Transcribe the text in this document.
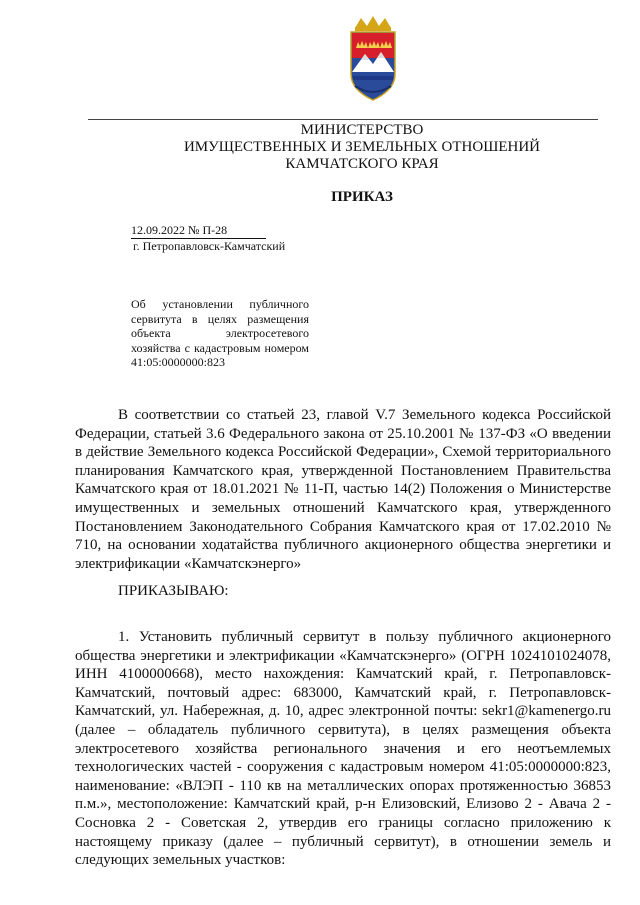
МИНИСТЕРСТВО
ИМУЩЕСТВЕННЫХ И ЗЕМЕЛЬНЫХ ОТНОШЕНИЙ
КАМЧАТСКОГО КРАЯ
ПРИКАЗ
12.09.2022 № П-28
г. Петропавловск-Камчатский
Об установлении публичного сервитута в целях размещения объекта электросетевого хозяйства с кадастровым номером 41:05:0000000:823
В соответствии со статьей 23, главой V.7 Земельного кодекса Российской Федерации, статьей 3.6 Федерального закона от 25.10.2001 № 137-ФЗ «О введении в действие Земельного кодекса Российской Федерации», Схемой территориального планирования Камчатского края, утвержденной Постановлением Правительства Камчатского края от 18.01.2021 № 11-П, частью 14(2) Положения о Министерстве имущественных и земельных отношений Камчатского края, утвержденного Постановлением Законодательного Собрания Камчатского края от 17.02.2010 № 710, на основании ходатайства публичного акционерного общества энергетики и электрификации «Камчатскэнерго»
ПРИКАЗЫВАЮ:
1. Установить публичный сервитут в пользу публичного акционерного общества энергетики и электрификации «Камчатскэнерго» (ОГРН 1024101024078, ИНН 4100000668), место нахождения: Камчатский край, г. Петропавловск-Камчатский, почтовый адрес: 683000, Камчатский край, г. Петропавловск-Камчатский, ул. Набережная, д. 10, адрес электронной почты: sekr1@kamenergo.ru (далее – обладатель публичного сервитута), в целях размещения объекта электросетевого хозяйства регионального значения и его неотъемлемых технологических частей - сооружения с кадастровым номером 41:05:0000000:823, наименование: «ВЛЭП - 110 кв на металлических опорах протяженностью 36853 п.м.», местоположение: Камчатский край, р-н Елизовский, Елизово 2 - Авача 2 - Сосновка 2 - Советская 2, утвердив его границы согласно приложению к настоящему приказу (далее – публичный сервитут), в отношении земель и следующих земельных участков:
